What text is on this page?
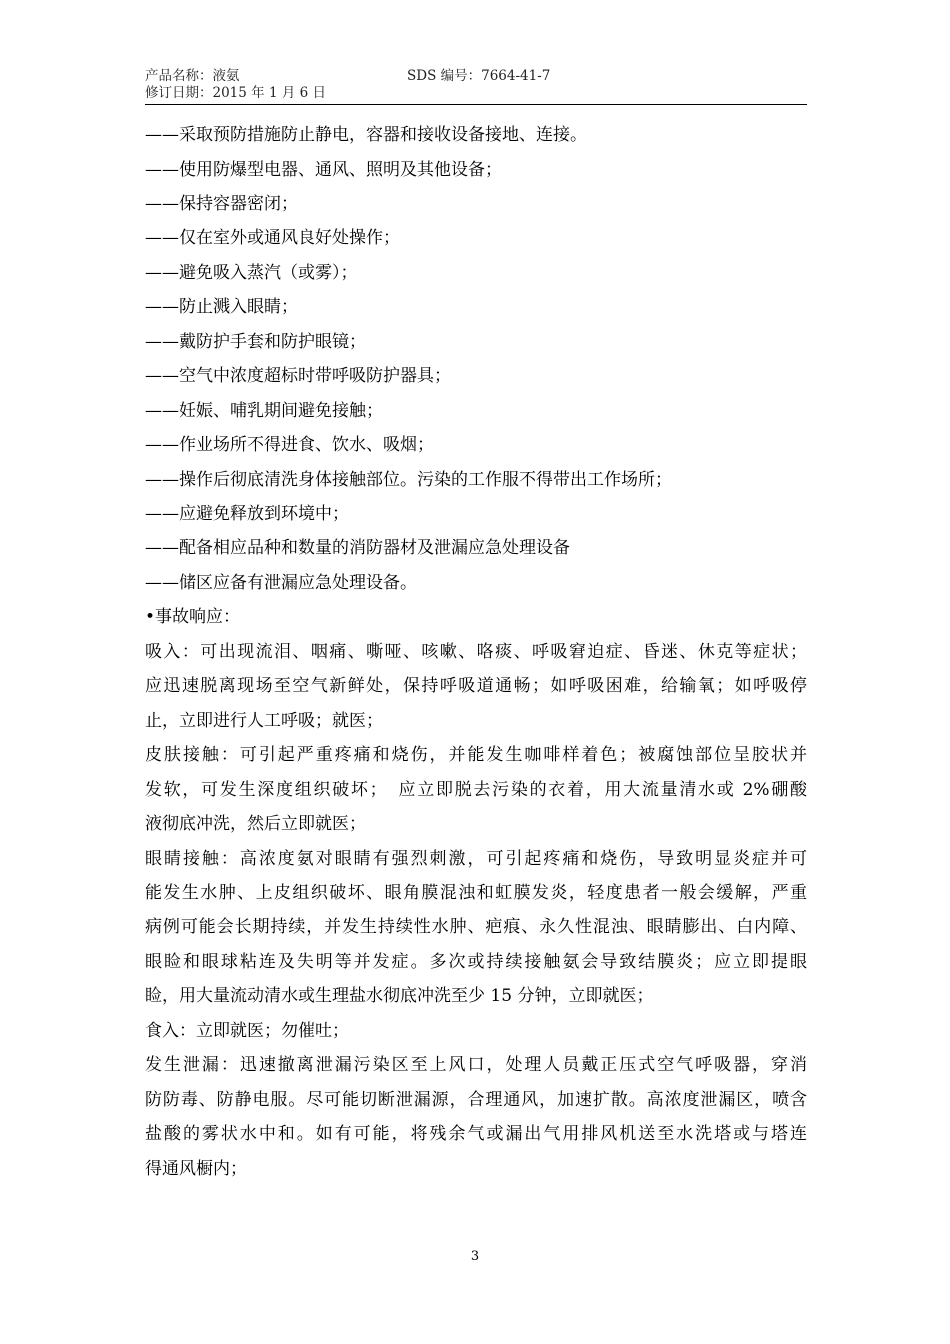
产品名称：液氨	SDS 编号：7664-41-7
修订日期：2015 年 1 月 6 日
——采取预防措施防止静电，容器和接收设备接地、连接。
——使用防爆型电器、通风、照明及其他设备；
——保持容器密闭；
——仅在室外或通风良好处操作；
——避免吸入蒸汽（或雾）；
——防止溅入眼睛；
——戴防护手套和防护眼镜；
——空气中浓度超标时带呼吸防护器具；
——妊娠、哺乳期间避免接触；
——作业场所不得进食、饮水、吸烟；
——操作后彻底清洗身体接触部位。污染的工作服不得带出工作场所；
——应避免释放到环境中；
——配备相应品种和数量的消防器材及泄漏应急处理设备
——储区应备有泄漏应急处理设备。
•事故响应：
吸入：可出现流泪、咽痛、嘶哑、咳嗽、咯痰、呼吸窘迫症、昏迷、休克等症状；
应迅速脱离现场至空气新鲜处，保持呼吸道通畅；如呼吸困难，给输氧；如呼吸停
止，立即进行人工呼吸；就医；
皮肤接触：可引起严重疼痛和烧伤，并能发生咖啡样着色；被腐蚀部位呈胶状并
发软，可发生深度组织破坏；　应立即脱去污染的衣着，用大流量清水或 2%硼酸
液彻底冲洗，然后立即就医；
眼睛接触：高浓度氨对眼睛有强烈刺激，可引起疼痛和烧伤，导致明显炎症并可
能发生水肿、上皮组织破坏、眼角膜混浊和虹膜发炎，轻度患者一般会缓解，严重
病例可能会长期持续，并发生持续性水肿、疤痕、永久性混浊、眼睛膨出、白内障、
眼睑和眼球粘连及失明等并发症。多次或持续接触氨会导致结膜炎；应立即提眼
睑，用大量流动清水或生理盐水彻底冲洗至少 15 分钟，立即就医；
食入：立即就医；勿催吐；
发生泄漏：迅速撤离泄漏污染区至上风口，处理人员戴正压式空气呼吸器，穿消
防防毒、防静电服。尽可能切断泄漏源，合理通风，加速扩散。高浓度泄漏区，喷含
盐酸的雾状水中和。如有可能，将残余气或漏出气用排风机送至水洗塔或与塔连
得通风橱内；
3
